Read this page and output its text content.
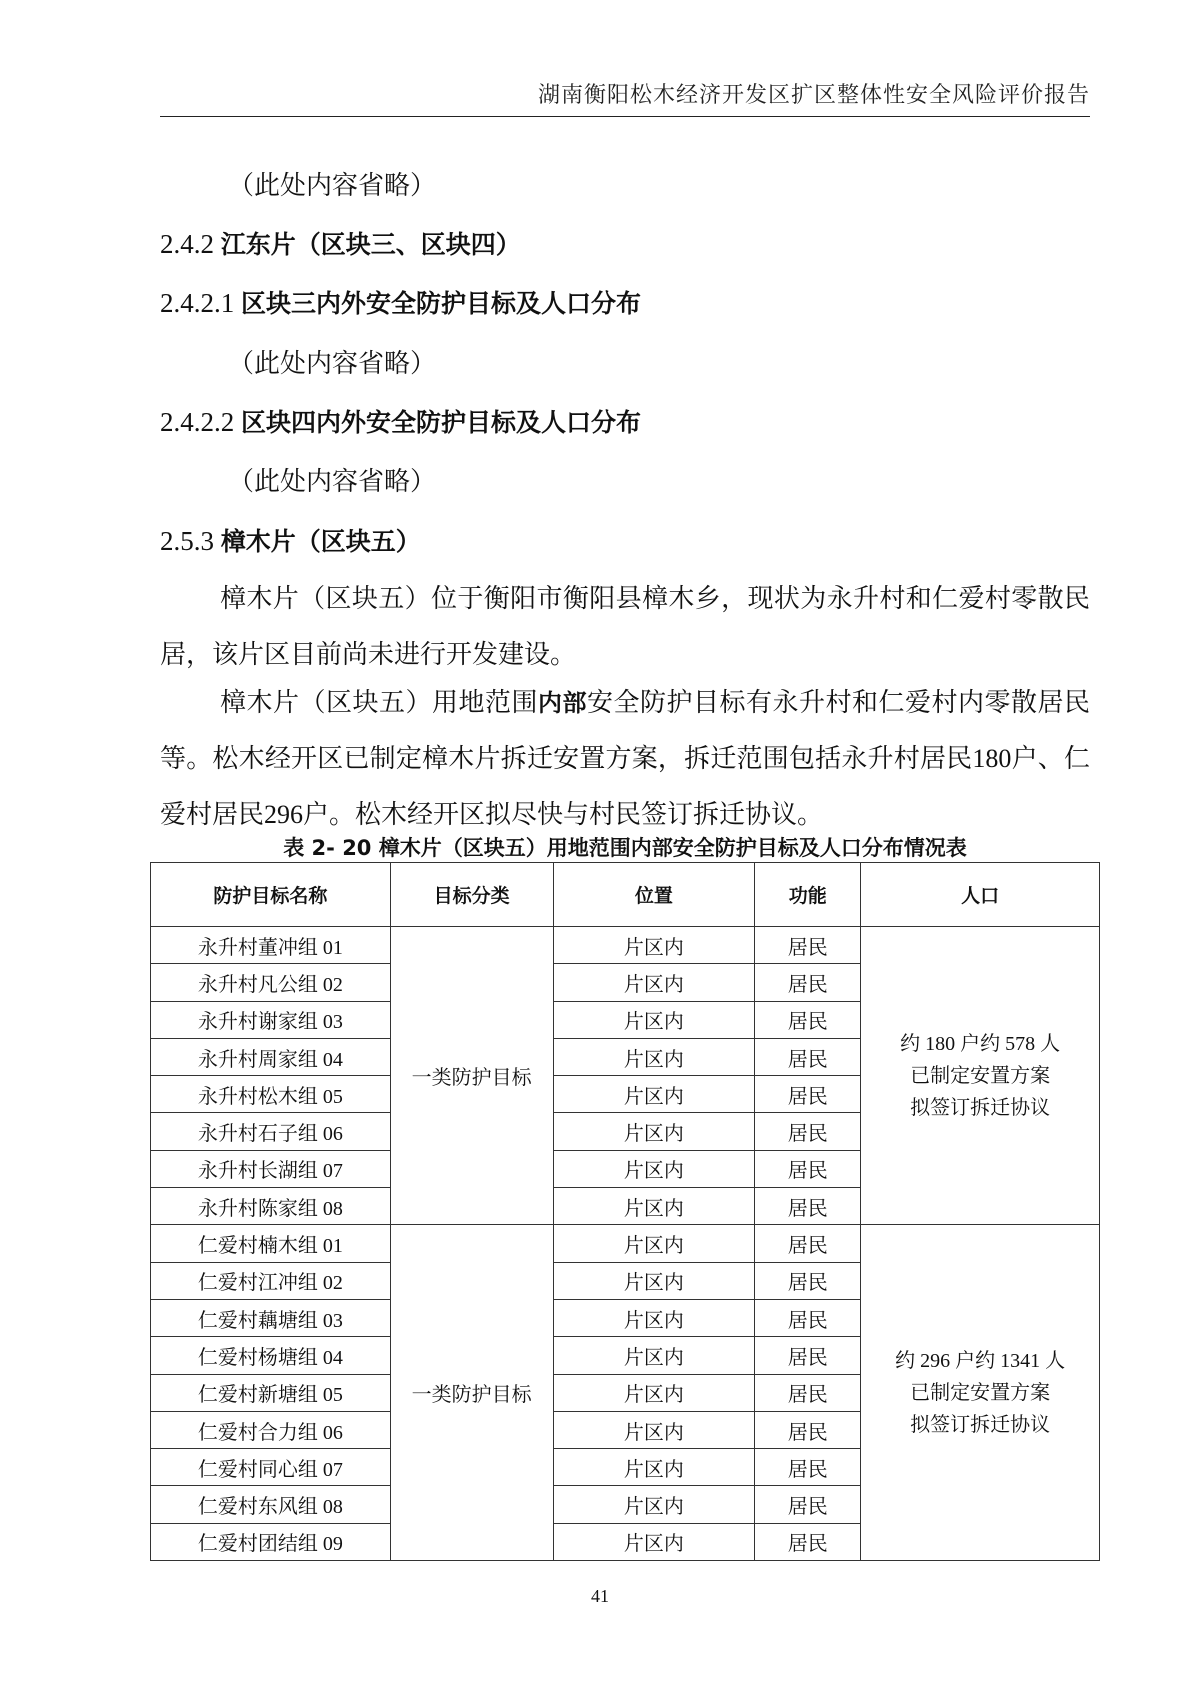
湖南衡阳松木经济开发区扩区整体性安全风险评价报告
（此处内容省略）
2.4.2 江东片（区块三、区块四）
2.4.2.1 区块三内外安全防护目标及人口分布
（此处内容省略）
2.4.2.2 区块四内外安全防护目标及人口分布
（此处内容省略）
2.5.3 樟木片（区块五）
樟木片（区块五）位于衡阳市衡阳县樟木乡，现状为永升村和仁爱村零散民居，该片区目前尚未进行开发建设。
樟木片（区块五）用地范围内部安全防护目标有永升村和仁爱村内零散居民等。松木经开区已制定樟木片拆迁安置方案，拆迁范围包括永升村居民180户、仁爱村居民296户。松木经开区拟尽快与村民签订拆迁协议。
表 2- 20 樟木片（区块五）用地范围内部安全防护目标及人口分布情况表
防护目标名称	目标分类	位置	功能	人口
永升村董冲组 01	一类防护目标	片区内	居民	约 180 户约 578 人
已制定安置方案
拟签订拆迁协议

永升村凡公组 02		片区内	居民	
永升村谢家组 03		片区内	居民	
永升村周家组 04		片区内	居民	
永升村松木组 05		片区内	居民	
永升村石子组 06		片区内	居民	
永升村长湖组 07		片区内	居民	
永升村陈家组 08		片区内	居民	
仁爱村楠木组 01	一类防护目标	片区内	居民	约 296 户约 1341 人
已制定安置方案
拟签订拆迁协议

仁爱村江冲组 02		片区内	居民	
仁爱村藕塘组 03		片区内	居民	
仁爱村杨塘组 04		片区内	居民	
仁爱村新塘组 05		片区内	居民	
仁爱村合力组 06		片区内	居民	
仁爱村同心组 07		片区内	居民	
仁爱村东风组 08		片区内	居民	
仁爱村团结组 09		片区内	居民	
41
